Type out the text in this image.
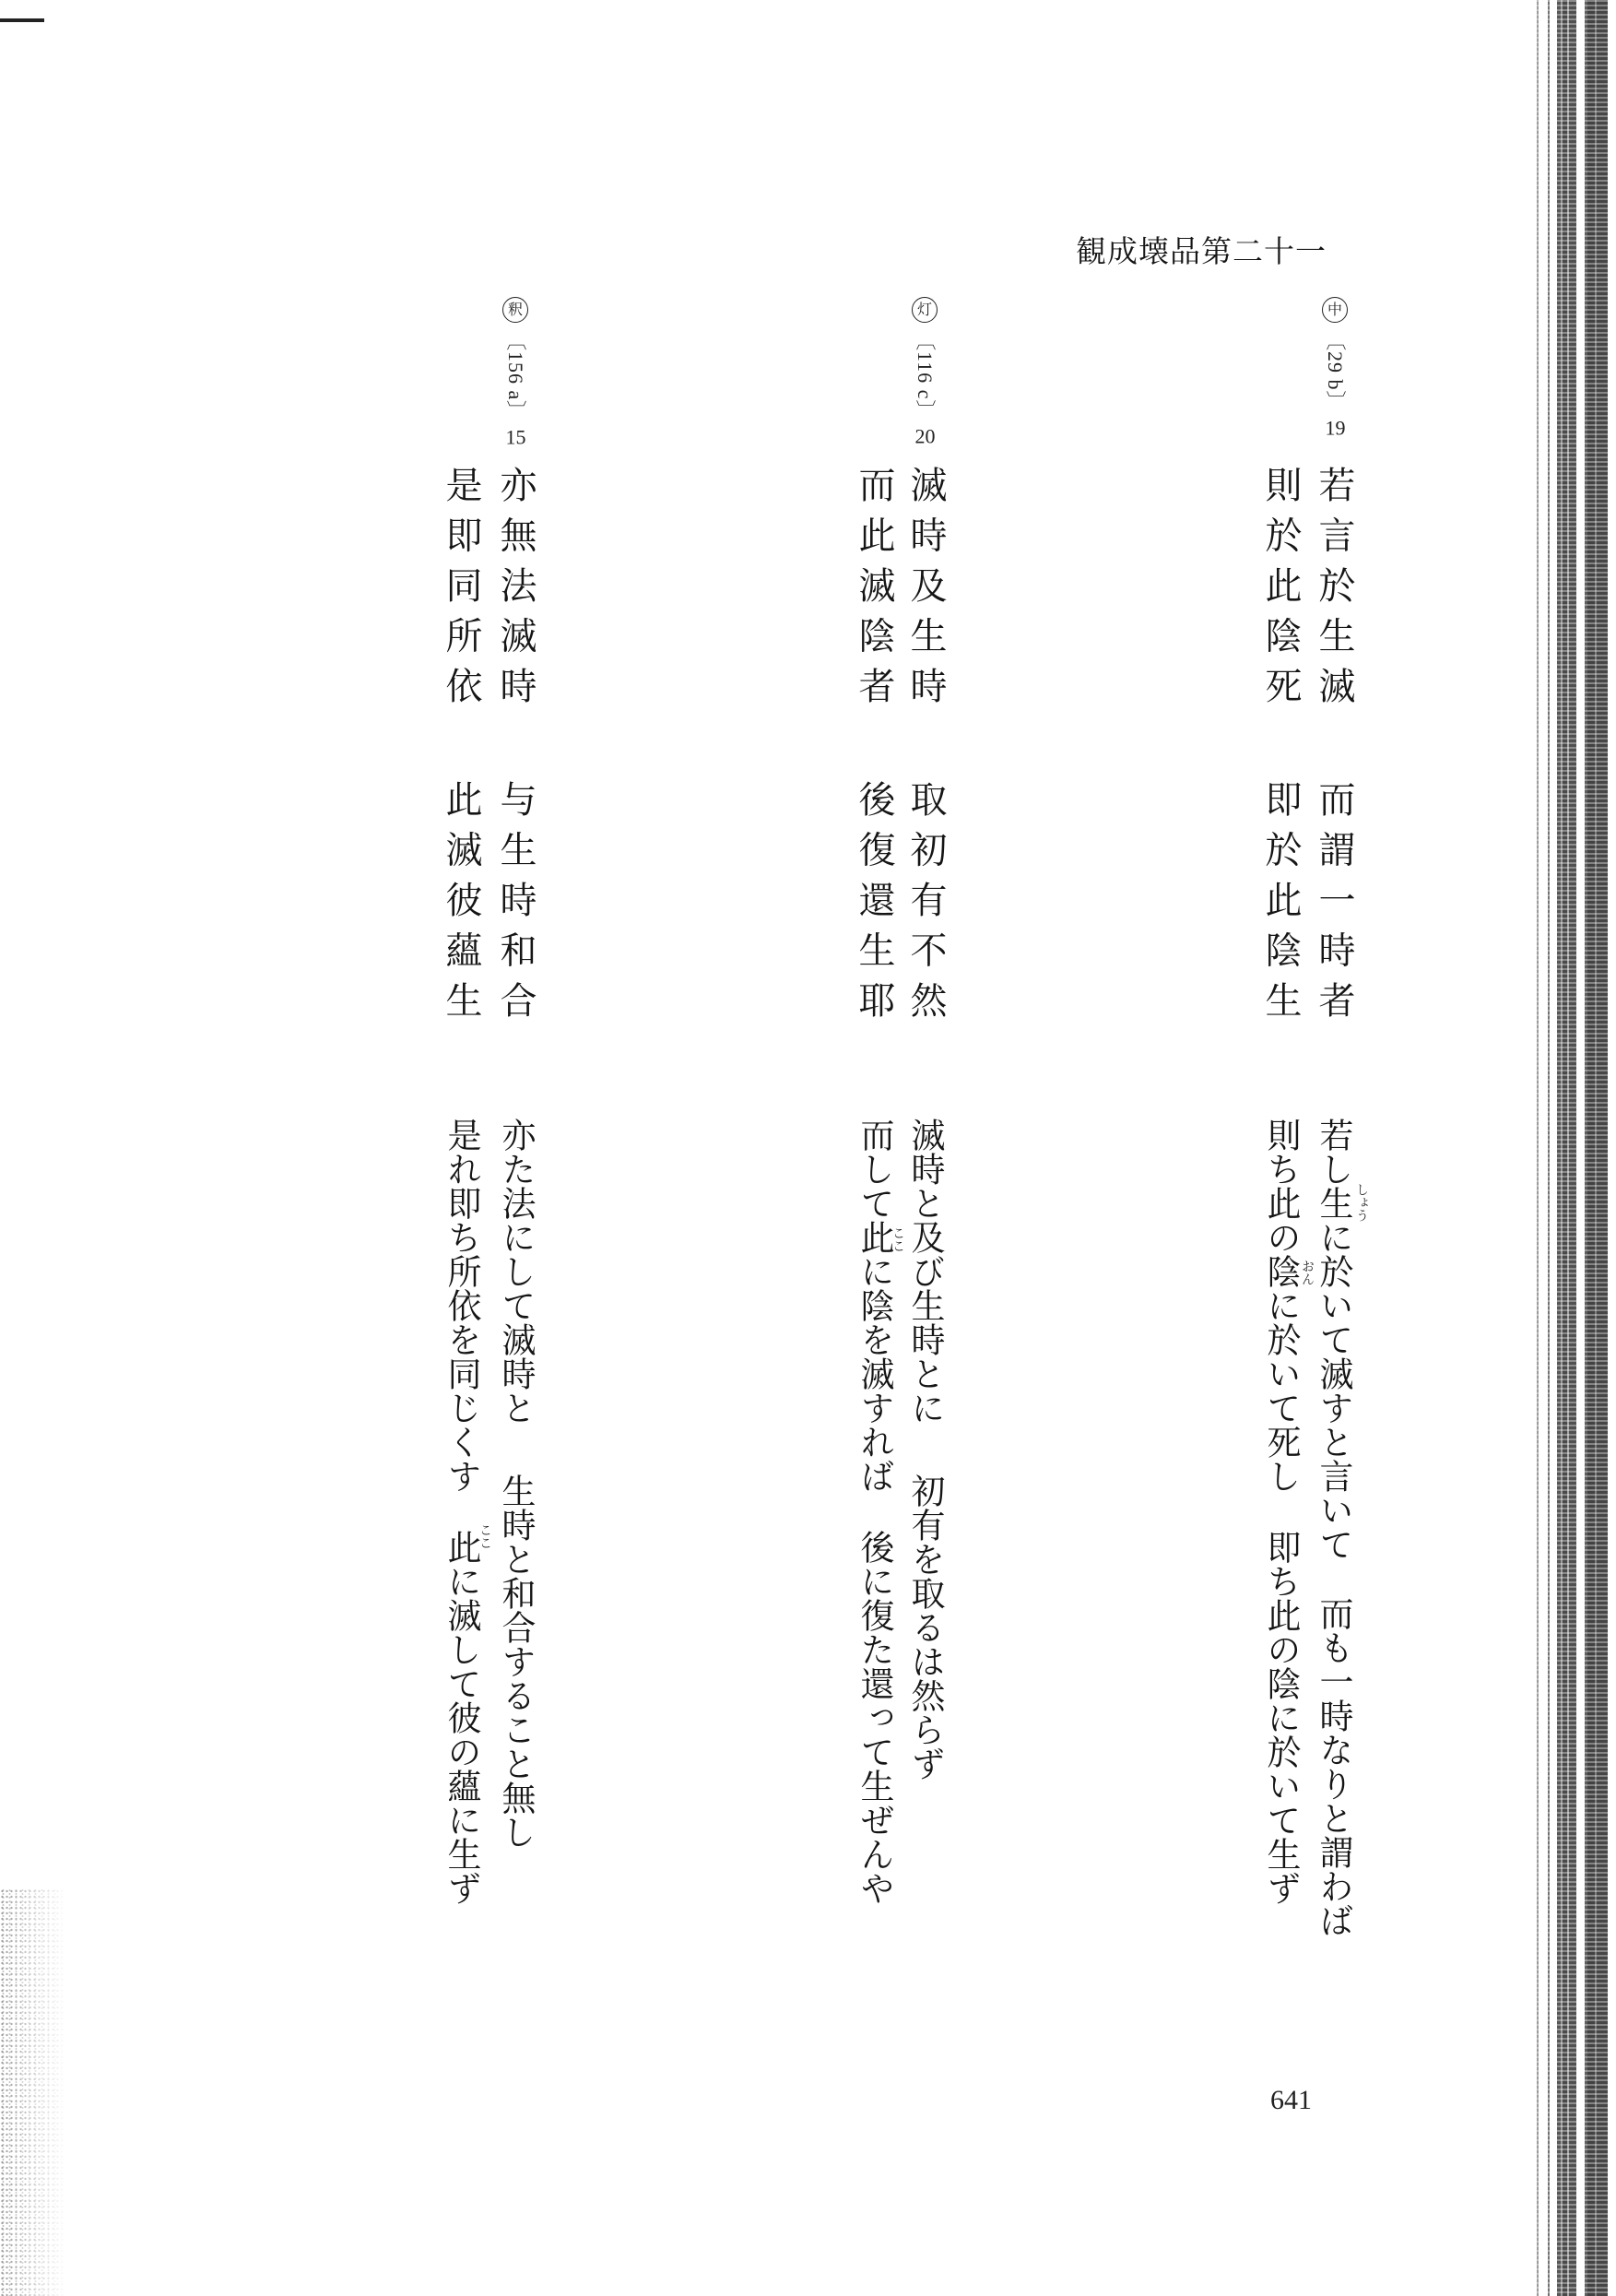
観成壊品第二十一
中
〔29 b〕19
若言於生滅
而謂一時者
則於此陰死
即於此陰生
若し生に於いて滅すと言いて
而も一時なりと謂わば
則ち此の陰に於いて死し
即ち此の陰に於いて生ず
しょう
おん
灯
〔116 c〕20
滅時及生時
取初有不然
而此滅陰者
後復還生耶
滅時と及び生時とに
初有を取るは然らず
而して此に陰を滅すれば
後に復た還って生ぜんや
ここ
釈
〔156 a〕15
亦無法滅時
与生時和合
是即同所依
此滅彼蘊生
亦た法にして滅時と
生時と和合すること無し
是れ即ち所依を同じくす
此に滅して彼の蘊に生ず
ここ
641
